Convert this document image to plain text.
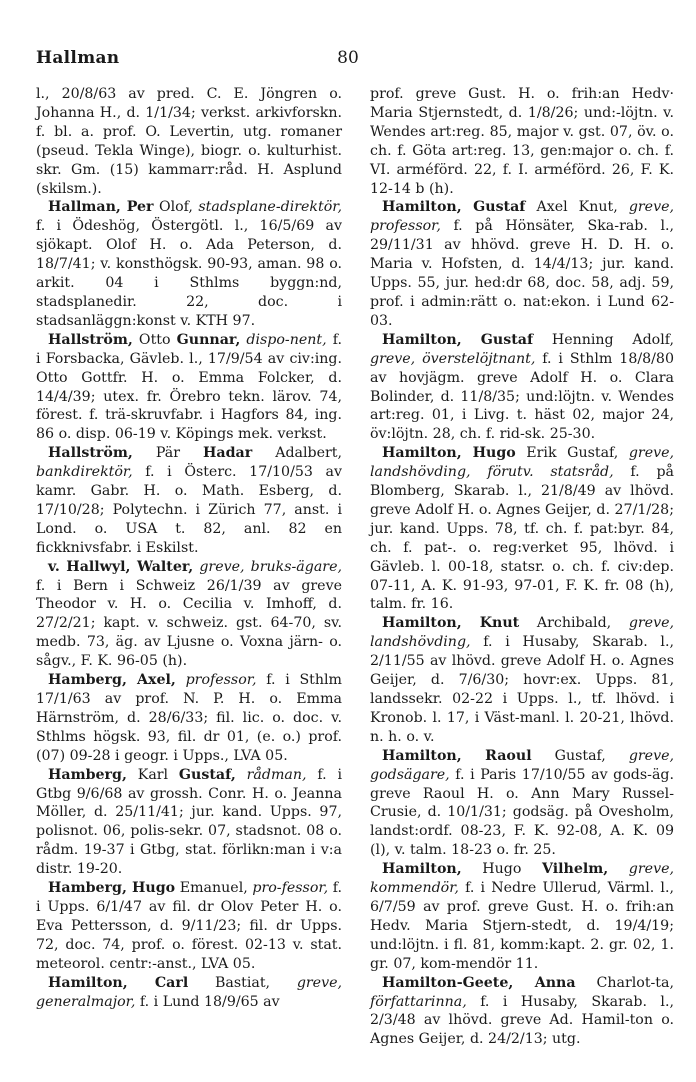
Hallman	80

l., 20/8/63 av pred. C. E. Jöngren o. Johanna H., d. 1/1/34; verkst. arkivforskn. f. bl. a. prof. O. Levertin, utg. romaner (pseud. Tekla Winge), biogr. o. kulturhist. skr. Gm. (15) kammarr:råd. H. Asplund (skilsm.).

Hallman, Per Olof, stadsplane-direktör, f. i Ödeshög, Östergötl. l., 16/5/69 av sjökapt. Olof H. o. Ada Peterson, d. 18/7/41; v. konsthögsk. 90-93, aman. 98 o. arkit. 04 i Sthlms byggn:nd, stadsplanedir. 22, doc. i stadsanläggn:konst v. KTH 97.

Hallström, Otto Gunnar, dispo-nent, f. i Forsbacka, Gävleb. l., 17/9/54 av civ:ing. Otto Gottfr. H. o. Emma Folcker, d. 14/4/39; utex. fr. Örebro tekn. lärov. 74, förest. f. trä-skruvfabr. i Hagfors 84, ing. 86 o. disp. 06-19 v. Köpings mek. verkst.

Hallström, Pär Hadar Adalbert, bankdirektör, f. i Österс. 17/10/53 av kamr. Gabr. H. o. Math. Esberg, d. 17/10/28; Polytechn. i Zürich 77, anst. i Lond. o. USA t. 82, anl. 82 en fickknivsfabr. i Eskilst.

v. Hallwyl, Walter, greve, bruks-ägare, f. i Bern i Schweiz 26/1/39 av greve Theodor v. H. o. Cecilia v. Imhoff, d. 27/2/21; kapt. v. schweiz. gst. 64-70, sv. medb. 73, äg. av Ljusne o. Voxna järn- o. sågv., F. K. 96-05 (h).

Hamberg, Axel, professor, f. i Sthlm 17/1/63 av prof. N. P. H. o. Emma Härnström, d. 28/6/33; fil. lic. o. doc. v. Sthlms högsk. 93, fil. dr 01, (e. o.) prof. (07) 09-28 i geogr. i Upps., LVA 05.

Hamberg, Karl Gustaf, rådman, f. i Gtbg 9/6/68 av grossh. Conr. H. o. Jeanna Möller, d. 25/11/41; jur. kand. Upps. 97, polisnot. 06, polis-sekr. 07, stadsnot. 08 o. rådm. 19-37 i Gtbg, stat. förlikn:man i v:a distr. 19-20.

Hamberg, Hugo Emanuel, pro-fessor, f. i Upps. 6/1/47 av fil. dr Olov Peter H. o. Eva Pettersson, d. 9/11/23; fil. dr Upps. 72, doc. 74, prof. o. förest. 02-13 v. stat. meteorol. centr:-anst., LVA 05.

Hamilton, Carl Bastiat, greve, generalmajor, f. i Lund 18/9/65 av

prof. greve Gust. H. o. frih:an Hedv· Maria Stjernstedt, d. 1/8/26; und:-löjtn. v. Wendes art:reg. 85, major v. gst. 07, öv. o. ch. f. Göta art:reg. 13, gen:major o. ch. f. VI. arméförd. 22, f. I. arméförd. 26, F. K. 12-14 b (h).

Hamilton, Gustaf Axel Knut, greve, professor, f. på Hönsäter, Ska-rab. l., 29/11/31 av hhövd. greve H. D. H. o. Maria v. Hofsten, d. 14/4/13; jur. kand. Upps. 55, jur. hed:dr 68, doc. 58, adj. 59, prof. i admin:rätt o. nat:ekon. i Lund 62-03.

Hamilton, Gustaf Henning Adolf, greve, överstelöjtnant, f. i Sthlm 18/8/80 av hovjägm. greve Adolf H. o. Clara Bolinder, d. 11/8/35; und:löjtn. v. Wendes art:reg. 01, i Livg. t. häst 02, major 24, öv:löjtn. 28, ch. f. rid-sk. 25-30.

Hamilton, Hugo Erik Gustaf, greve, landshövding, förutv. statsråd, f. på Blomberg, Skarab. l., 21/8/49 av lhövd. greve Adolf H. o. Agnes Geijer, d. 27/1/28; jur. kand. Upps. 78, tf. ch. f. pat:byr. 84, ch. f. pat-. o. reg:verket 95, lhövd. i Gävleb. l. 00-18, statsr. o. ch. f. civ:dep. 07-11, A. K. 91-93, 97-01, F. K. fr. 08 (h), talm. fr. 16.

Hamilton, Knut Archibald, greve, landshövding, f. i Husaby, Skarab. l., 2/11/55 av lhövd. greve Adolf H. o. Agnes Geijer, d. 7/6/30; hovr:ex. Upps. 81, landssekr. 02-22 i Upps. l., tf. lhövd. i Kronob. l. 17, i Väst-manl. l. 20-21, lhövd. n. h. o. v.

Hamilton, Raoul Gustaf, greve, godsägare, f. i Paris 17/10/55 av gods-äg. greve Raoul H. o. Ann Mary Russel-Crusie, d. 10/1/31; godsäg. på Ovesholm, landst:ordf. 08-23, F. K. 92-08, A. K. 09 (l), v. talm. 18-23 o. fr. 25.

Hamilton, Hugo Vilhelm, greve, kommendör, f. i Nedre Ullerud, Värml. l., 6/7/59 av prof. greve Gust. H. o. frih:an Hedv. Maria Stjern-stedt, d. 19/4/19; und:löjtn. i fl. 81, komm:kapt. 2. gr. 02, 1. gr. 07, kom-mendör 11.

Hamilton-Geete, Anna Charlot-ta, författarinna, f. i Husaby, Skarab. l., 2/3/48 av lhövd. greve Ad. Hamil-ton o. Agnes Geijer, d. 24/2/13; utg.
